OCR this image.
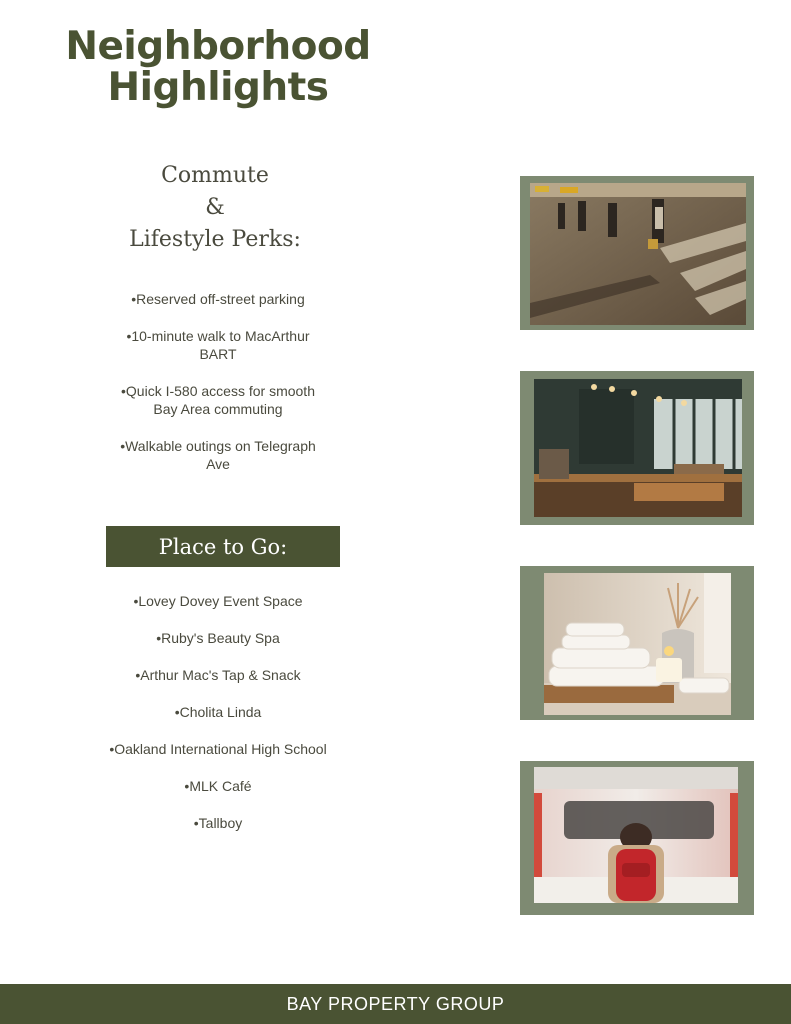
Neighborhood
Highlights
Commute
&
Lifestyle Perks:
•Reserved off-street parking
•10-minute walk to MacArthur BART
•Quick I-580 access for smooth Bay Area commuting
•Walkable outings on Telegraph Ave
Place to Go:
•Lovey Dovey Event Space
•Ruby's Beauty Spa
•Arthur Mac's Tap & Snack
•Cholita Linda
•Oakland International High School
•MLK Café
•Tallboy
BAY PROPERTY GROUP
